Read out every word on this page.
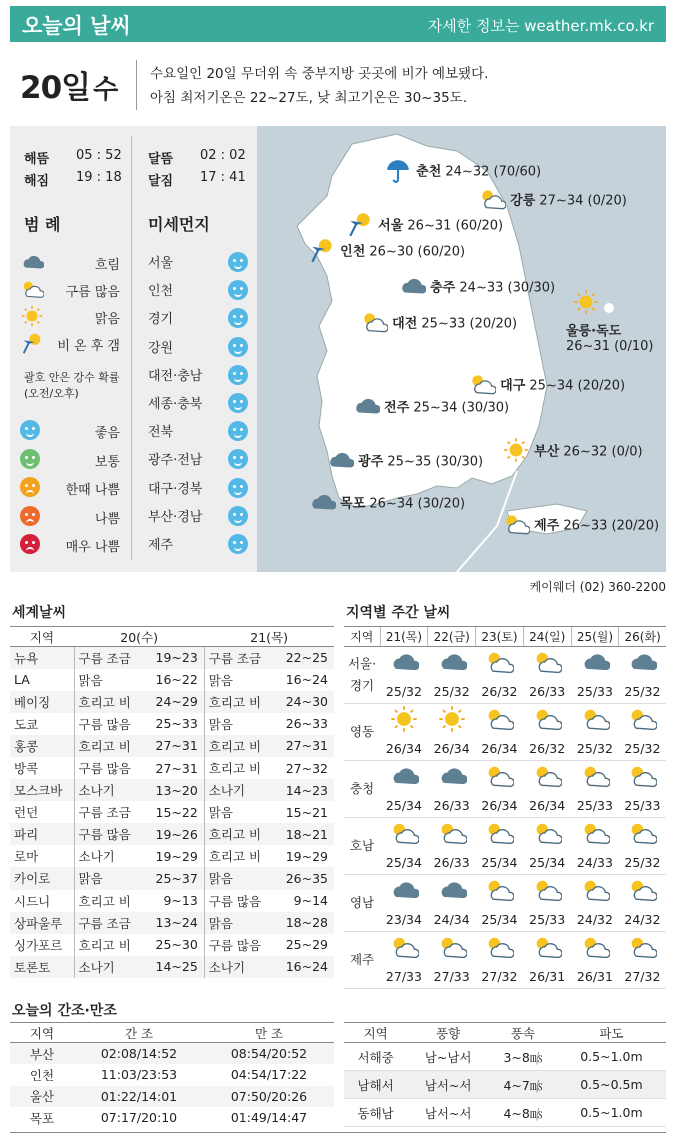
오늘의 날씨	자세한 정보는 weather.mk.co.kr
20일 수
수요일인 20일 무더위 속 중부지방 곳곳에 비가 예보됐다.
아침 최저기온은 22~27도, 낮 최고기온은 30~35도.
해뜸 05 : 52
해짐 19 : 18
달뜸 02 : 02
달짐 17 : 41
범 례	미세먼지
흐림
구름 많음
맑음
비 온 후 갬
괄호 안은 강수 확률
(오전/오후)
좋음
보통
한때 나쁨
나쁨
매우 나쁨
서울
인천
경기
강원
대전·충남
세종·충북
전북
광주·전남
대구·경북
부산·경남
제주
춘천 24~32 (70/60)
강릉 27~34 (0/20)
서울 26~31 (60/20)
인천 26~30 (60/20)
충주 24~33 (30/30)
대전 25~33 (20/20)	울릉·독도
26~31 (0/10)
대구 25~34 (20/20)
전주 25~34 (30/30)
부산 26~32 (0/0)
광주 25~35 (30/30)
목포 26~34 (30/20)
제주 26~33 (20/20)
케이웨더 (02) 360-2200
세계날씨
지역	20(수)		21(목)	
뉴욕	구름 조금	19~23	구름 조금	22~25
LA	맑음	16~22	맑음	16~24
베이징	흐리고 비	24~29	흐리고 비	24~30
도쿄	구름 많음	25~33	맑음	26~33
홍콩	흐리고 비	27~31	흐리고 비	27~31
방콕	구름 많음	27~31	흐리고 비	27~32
모스크바	소나기	13~20	소나기	14~23
런던	구름 조금	15~22	맑음	15~21
파리	구름 많음	19~26	흐리고 비	18~21
로마	소나기	19~29	흐리고 비	19~29
카이로	맑음	25~37	맑음	26~35
시드니	흐리고 비	9~13	구름 많음	9~14
상파울루	구름 조금	13~24	맑음	18~28
싱가포르	흐리고 비	25~30	구름 많음	25~29
토론토	소나기	14~25	소나기	16~24
지역별 주간 날씨
지역	21(목)	22(금)	23(토)	24(일)	25(월)	26(화)

서울·
경기	25/32	25/32	26/32	26/33	25/33	25/32

영동	26/34	26/34	26/34	26/32	25/32	25/32

충청	25/34	26/33	26/34	26/34	25/33	25/33

호남	25/34	26/33	25/34	25/34	24/33	25/32

영남	23/34	24/34	25/34	25/33	24/32	24/32

제주	27/33	27/33	27/32	26/31	26/31	27/32
오늘의 간조·만조
지역	간 조	만 조
부산	02:08/14:52	08:54/20:52
인천	11:03/23:53	04:54/17:22
울산	01:22/14:01	07:50/20:26
목포	07:17/20:10	01:49/14:47
지역	풍향	풍속	파도
서해중	남~남서	3~8㎧	0.5~1.0m
남해서	남서~서	4~7㎧	0.5~0.5m
동해남	남서~서	4~8㎧	0.5~1.0m
